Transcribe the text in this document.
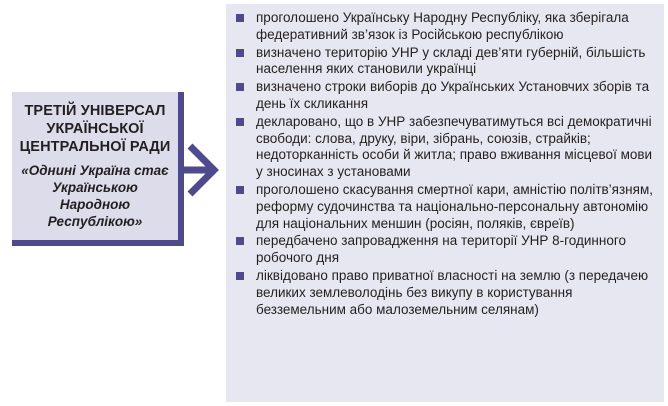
ТРЕТІЙ УНІВЕРСАЛ УКРАЇНСЬКОЇ ЦЕНТРАЛЬНОЇ РАДИ

«Однині Україна стає Українською Народною Республікою»

проголошено Українську Народну Республіку, яка зберігала федеративний зв’язок із Російською республікою
визначено територію УНР у складі дев’яти губерній, більшість населення яких становили українці
визначено строки виборів до Українських Установчих зборів та день їх скликання
декларовано, що в УНР забезпечуватимуться всі демократичні свободи: слова, друку, віри, зібрань, союзів, страйків; недоторканність особи й житла; право вживання місцевої мови у зносинах з установами
проголошено скасування смертної кари, амністію політв’язням, реформу судочинства та національно-персональну автономію для національних меншин (росіян, поляків, євреїв)
передбачено запровадження на території УНР 8-годинного робочого дня
ліквідовано право приватної власності на землю (з передачею великих землеволодінь без викупу в користування безземельним або малоземельним селянам)
